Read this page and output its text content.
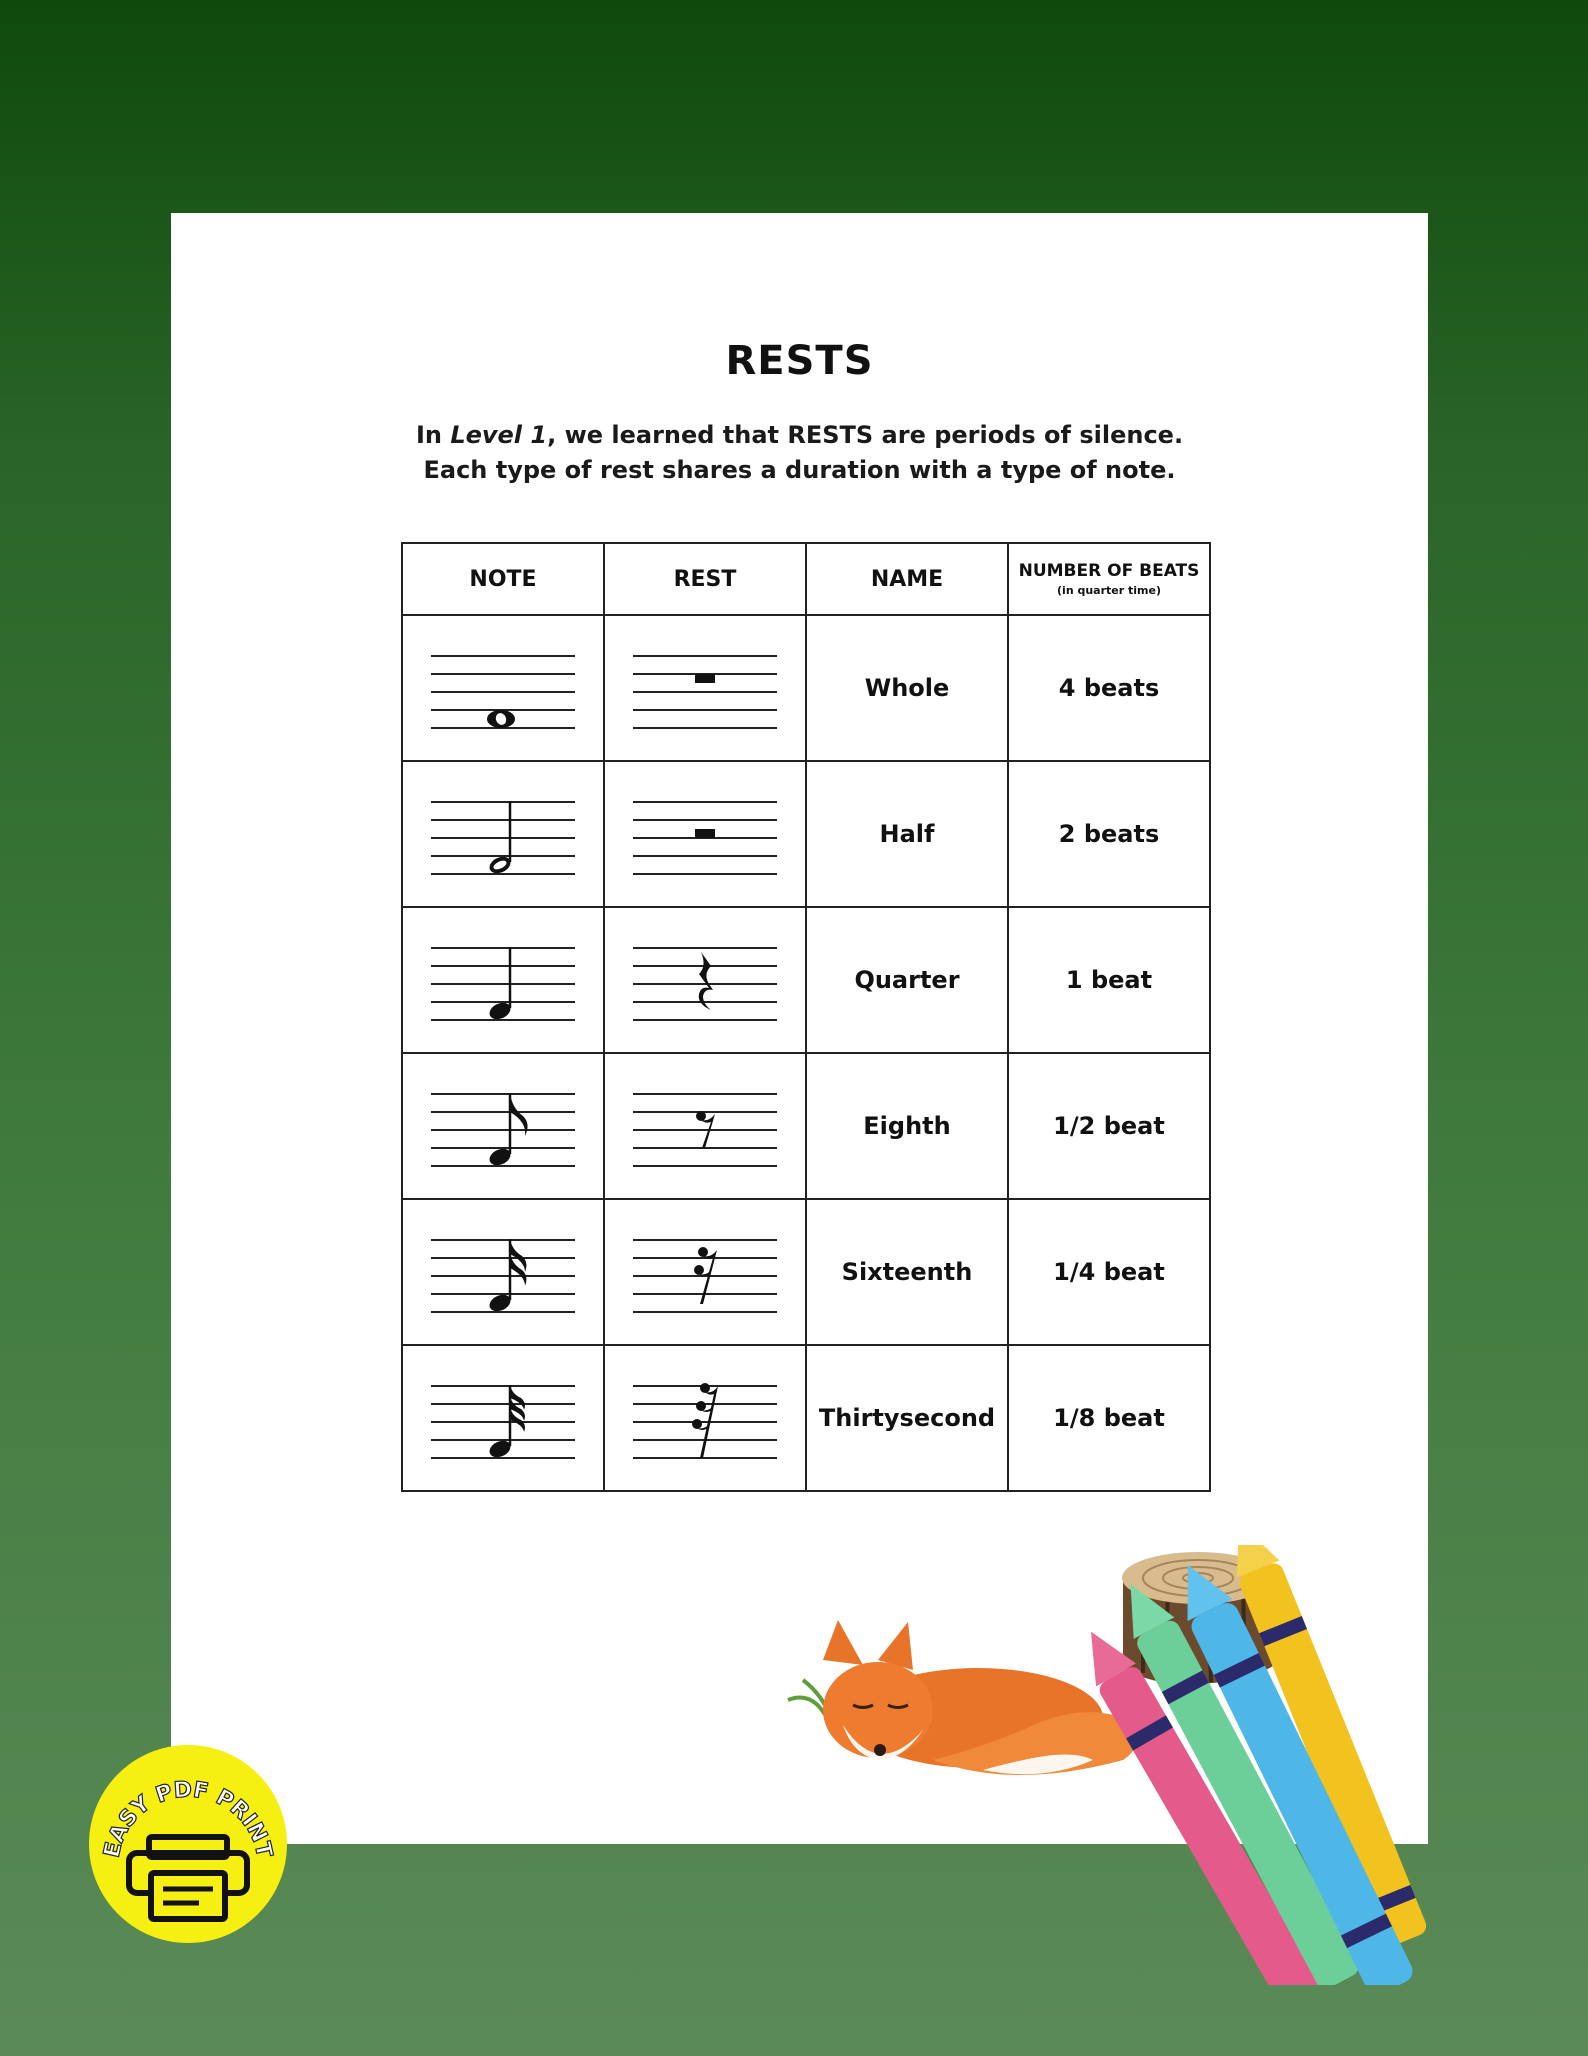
RESTS
In Level 1, we learned that RESTS are periods of silence.
Each type of rest shares a duration with a type of note.
NOTE	REST	NAME	NUMBER OF BEATS
(in quarter time)

	Whole	4 beats

	Half	2 beats

	Quarter	1 beat

	Eighth	1/2 beat

	Sixteenth	1/4 beat

	Thirtysecond	1/8 beat
EASY PDF PRINT
